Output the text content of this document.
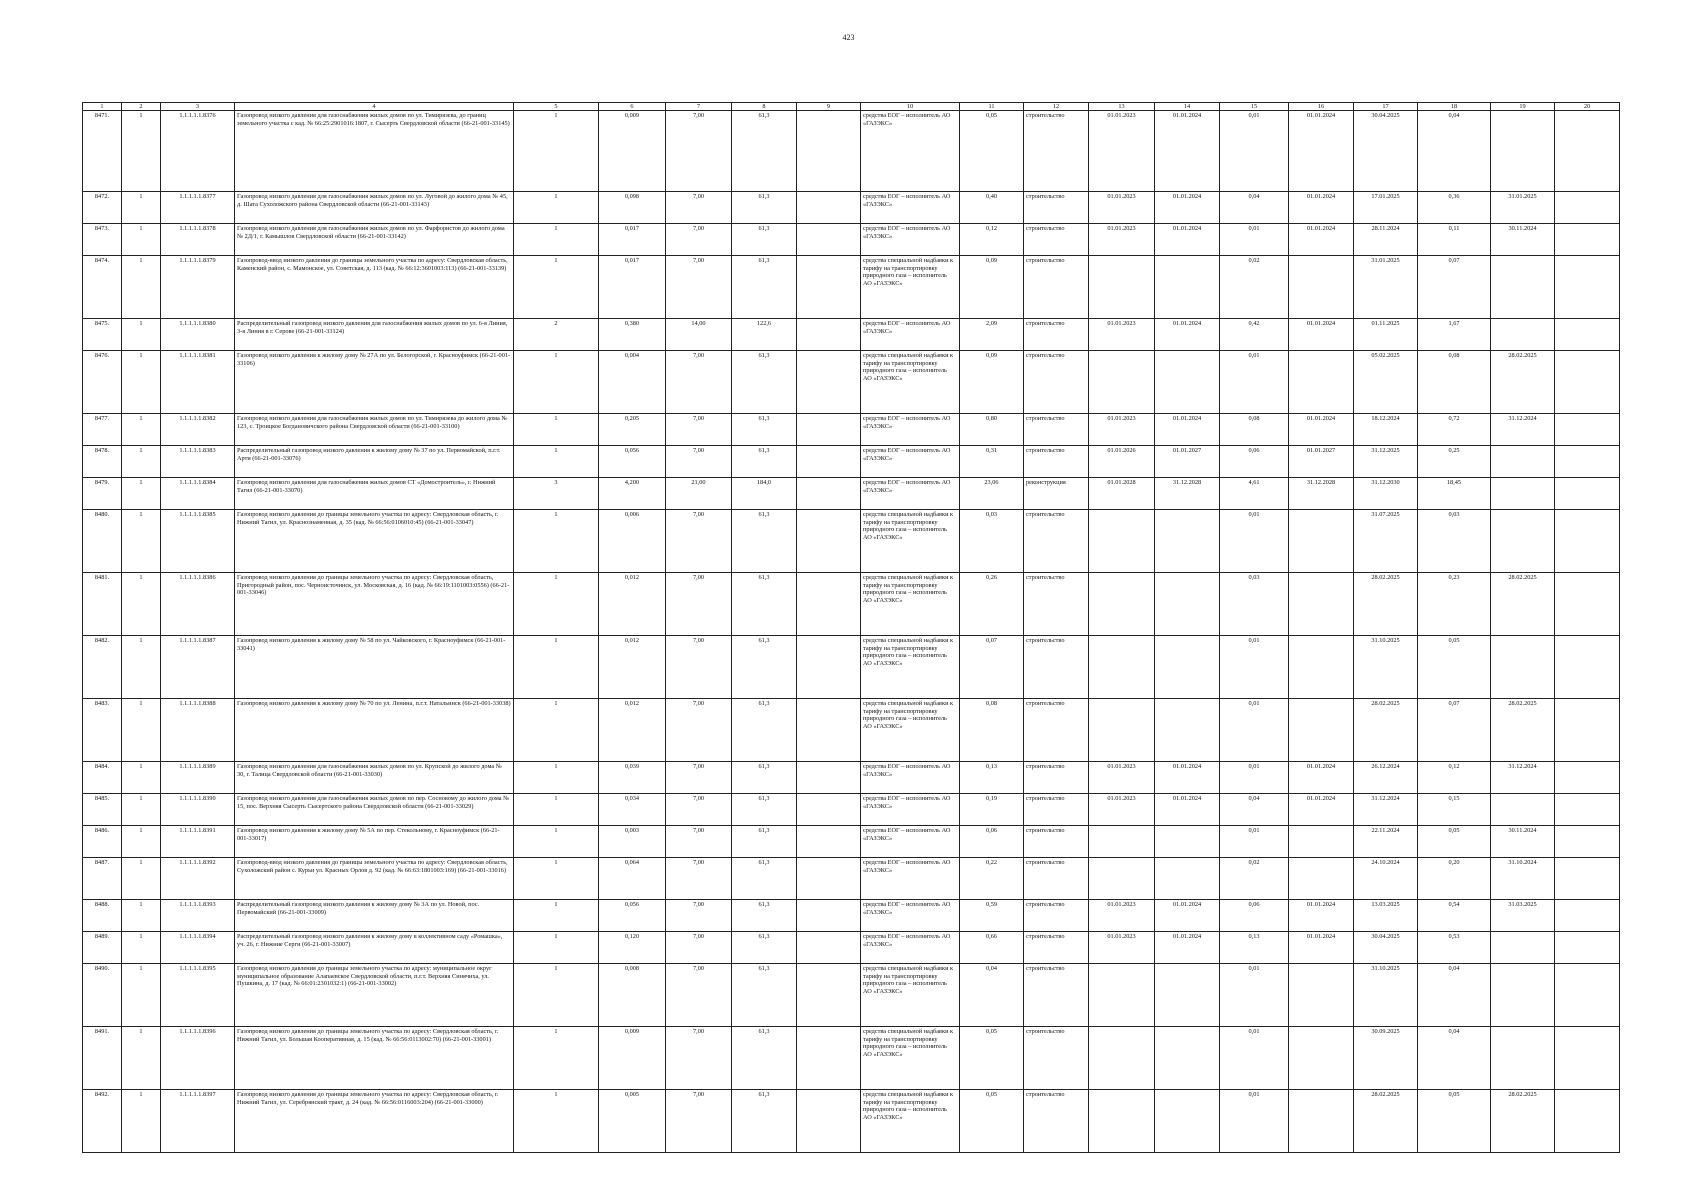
423
1	2	3	4	5	6	7	8	9	10	11	12	13	14	15	16	17	18	19	20
8471.	1	1.1.1.1.1.8376	Газопровод низкого давления для газоснабжения жилых домов по ул. Тимирязева, до границ земельного участка с кад. № 66:25:2901016:1807, г. Сысерть Свердловской области (66-21-001-33145)	1	0,009	7,00	61,3		средства ЕОГ – исполнитель АО «ГАЗЭКС»	0,05	строительство	01.01.2023	01.01.2024	0,01	01.01.2024	30.04.2025	0,04		
8472.	1	1.1.1.1.1.8377	Газопровод низкого давления для газоснабжения жилых домов по ул. Луговой до жилого дома № 45, д. Шата Сухоложского района Свердловской области (66-21-001-33143)	1	0,098	7,00	61,3		средства ЕОГ – исполнитель АО «ГАЗЭКС»	0,40	строительство	01.01.2023	01.01.2024	0,04	01.01.2024	17.01.2025	0,36	31.01.2025	
8473.	1	1.1.1.1.1.8378	Газопровод низкого давления для газоснабжения жилых домов по ул. Фарфористов до жилого дома № 2Д/1, г. Камышлов Свердловской области (66-21-001-33142)	1	0,017	7,00	61,3		средства ЕОГ – исполнитель АО «ГАЗЭКС»	0,12	строительство	01.01.2023	01.01.2024	0,01	01.01.2024	28.11.2024	0,11	30.11.2024	
8474.	1	1.1.1.1.1.8379	Газопровод-ввод низкого давления до границы земельного участка по адресу: Свердловская область, Каменский район, с. Мамонское, ул. Советская, д. 113 (кад. № 66:12:3601003:113) (66-21-001-33139)	1	0,017	7,00	61,3		средства специальной надбавки к тарифу на транспортировку природного газа – исполнитель АО «ГАЗЭКС»	0,09	строительство			0,02		31.01.2025	0,07		
8475.	1	1.1.1.1.1.8380	Распределительный газопровод низкого давления для газоснабжения жилых домов по ул. 6-я Линия, 3-я Линия в г. Серове (66-21-001-33124)	2	0,380	14,00	122,6		средства ЕОГ – исполнитель АО «ГАЗЭКС»	2,09	строительство	01.01.2023	01.01.2024	0,42	01.01.2024	01.11.2025	1,67		
8476.	1	1.1.1.1.1.8381	Газопровод низкого давления к жилому дому № 27А по ул. Белогорской, г. Красноуфимск (66-21-001-33106)	1	0,004	7,00	61,3		средства специальной надбавки к тарифу на транспортировку природного газа – исполнитель АО «ГАЗЭКС»	0,09	строительство			0,01		05.02.2025	0,08	28.02.2025	
8477.	1	1.1.1.1.1.8382	Газопровод низкого давления для газоснабжения жилых домов по ул. Тимирязева до жилого дома № 123, с. Троицкое Богдановичского района Свердловской области (66-21-001-33100)	1	0,205	7,00	61,3		средства ЕОГ – исполнитель АО «ГАЗЭКС»	0,80	строительство	01.01.2023	01.01.2024	0,08	01.01.2024	18.12.2024	0,72	31.12.2024	
8478.	1	1.1.1.1.1.8383	Распределительный газопровод низкого давления к жилому дому № 37 по ул. Первомайской, п.г.т. Арти (66-21-001-33076)	1	0,056	7,00	61,3		средства ЕОГ – исполнитель АО «ГАЗЭКС»	0,31	строительство	01.01.2026	01.01.2027	0,06	01.01.2027	31.12.2025	0,25		
8479.	1	1.1.1.1.1.8384	Газопровод низкого давления для газоснабжения жилых домов СТ «Домостроитель», г. Нижний Тагил (66-21-001-33070)	3	4,200	21,00	184,0		средства ЕОГ – исполнитель АО «ГАЗЭКС»	23,06	реконструкция	01.01.2028	31.12.2028	4,61	31.12.2028	31.12.2030	18,45		
8480.	1	1.1.1.1.1.8385	Газопровод низкого давления до границы земельного участка по адресу: Свердловская область, г. Нижний Тагил, ул. Краснознаменная, д. 35 (кад. № 66:56:0106010:45) (66-21-001-33047)	1	0,006	7,00	61,3		средства специальной надбавки к тарифу на транспортировку природного газа – исполнитель АО «ГАЗЭКС»	0,03	строительство			0,01		31.07.2025	0,03		
8481.	1	1.1.1.1.1.8386	Газопровод низкого давления до границы земельного участка по адресу: Свердловская область, Пригородный район, пос. Черноисточинск, ул. Московская, д. 16 (кад. № 66:19:1101003:0556) (66-21-001-33046)	1	0,012	7,00	61,3		средства специальной надбавки к тарифу на транспортировку природного газа – исполнитель АО «ГАЗЭКС»	0,26	строительство			0,03		28.02.2025	0,23	28.02.2025	
8482.	1	1.1.1.1.1.8387	Газопровод низкого давления к жилому дому № 58 по ул. Чайковского, г. Красноуфимск (66-21-001-33041)	1	0,012	7,00	61,3		средства специальной надбавки к тарифу на транспортировку природного газа – исполнитель АО «ГАЗЭКС»	0,07	строительство			0,01		31.10.2025	0,05		
8483.	1	1.1.1.1.1.8388	Газопровод низкого давления к жилому дому № 70 по ул. Ленина, п.г.т. Натальинск (66-21-001-33038)	1	0,012	7,00	61,3		средства специальной надбавки к тарифу на транспортировку природного газа – исполнитель АО «ГАЗЭКС»	0,08	строительство			0,01		28.02.2025	0,07	28.02.2025	
8484.	1	1.1.1.1.1.8389	Газопровод низкого давления для газоснабжения жилых домов по ул. Крупской до жилого дома № 30, г. Талица Свердловской области (66-21-001-33030)	1	0,039	7,00	61,3		средства ЕОГ – исполнитель АО «ГАЗЭКС»	0,13	строительство	01.01.2023	01.01.2024	0,01	01.01.2024	26.12.2024	0,12	31.12.2024	
8485.	1	1.1.1.1.1.8390	Газопровод низкого давления для газоснабжения жилых домов по пер. Сосновому до жилого дома № 15, пос. Верхняя Сысерть Сысертского района Свердловской области (66-21-001-33029)	1	0,034	7,00	61,3		средства ЕОГ – исполнитель АО «ГАЗЭКС»	0,19	строительство	01.01.2023	01.01.2024	0,04	01.01.2024	31.12.2024	0,15		
8486.	1	1.1.1.1.1.8391	Газопровод низкого давления к жилому дому № 5А по пер. Стекольному, г. Красноуфимск (66-21-001-33017)	1	0,003	7,00	61,3		средства ЕОГ – исполнитель АО «ГАЗЭКС»	0,06	строительство			0,01		22.11.2024	0,05	30.11.2024	
8487.	1	1.1.1.1.1.8392	Газопровод-ввод низкого давления до границы земельного участка по адресу: Свердловская область, Сухоложский район с. Курьи ул. Красных Орлов д. 92 (кад. № 66:63:1801003:169) (66-21-001-33016)	1	0,064	7,00	61,3		средства ЕОГ – исполнитель АО «ГАЗЭКС»	0,22	строительство			0,02		24.10.2024	0,20	31.10.2024	
8488.	1	1.1.1.1.1.8393	Распределительный газопровод низкого давления к жилому дому № 3А по ул. Новой, пос. Первомайский (66-21-001-33009)	1	0,056	7,00	61,3		средства ЕОГ – исполнитель АО «ГАЗЭКС»	0,59	строительство	01.01.2023	01.01.2024	0,06	01.01.2024	13.03.2025	0,54	31.03.2025	
8489.	1	1.1.1.1.1.8394	Распределительный газопровод низкого давления к жилому дому в коллективном саду «Ромашка», уч. 26, г. Нижние Серги (66-21-001-33007)	1	0,120	7,00	61,3		средства ЕОГ – исполнитель АО «ГАЗЭКС»	0,66	строительство	01.01.2023	01.01.2024	0,13	01.01.2024	30.04.2025	0,53		
8490.	1	1.1.1.1.1.8395	Газопровод низкого давления до границы земельного участка по адресу: муниципальное округ муниципальное образование Алапаевское Свердловской области, п.г.т. Верхняя Синячиха, ул. Пушкина, д. 17 (кад. № 66:01:2301032:1) (66-21-001-33002)	1	0,008	7,00	61,3		средства специальной надбавки к тарифу на транспортировку природного газа – исполнитель АО «ГАЗЭКС»	0,04	строительство			0,01		31.10.2025	0,04		
8491.	1	1.1.1.1.1.8396	Газопровод низкого давления до границы земельного участка по адресу: Свердловская область, г. Нижний Тагил, ул. Большая Кооперативная, д. 15 (кад. № 66:56:0113002:70) (66-21-001-33001)	1	0,009	7,00	61,3		средства специальной надбавки к тарифу на транспортировку природного газа – исполнитель АО «ГАЗЭКС»	0,05	строительство			0,01		30.09.2025	0,04		
8492.	1	1.1.1.1.1.8397	Газопровод низкого давления до границы земельного участка по адресу: Свердловская область, г. Нижний Тагил, ул. Серебрянский тракт, д. 24 (кад. № 66:56:0116003:204) (66-21-001-33000)	1	0,005	7,00	61,3		средства специальной надбавки к тарифу на транспортировку природного газа – исполнитель АО «ГАЗЭКС»	0,05	строительство			0,01		28.02.2025	0,05	28.02.2025	
